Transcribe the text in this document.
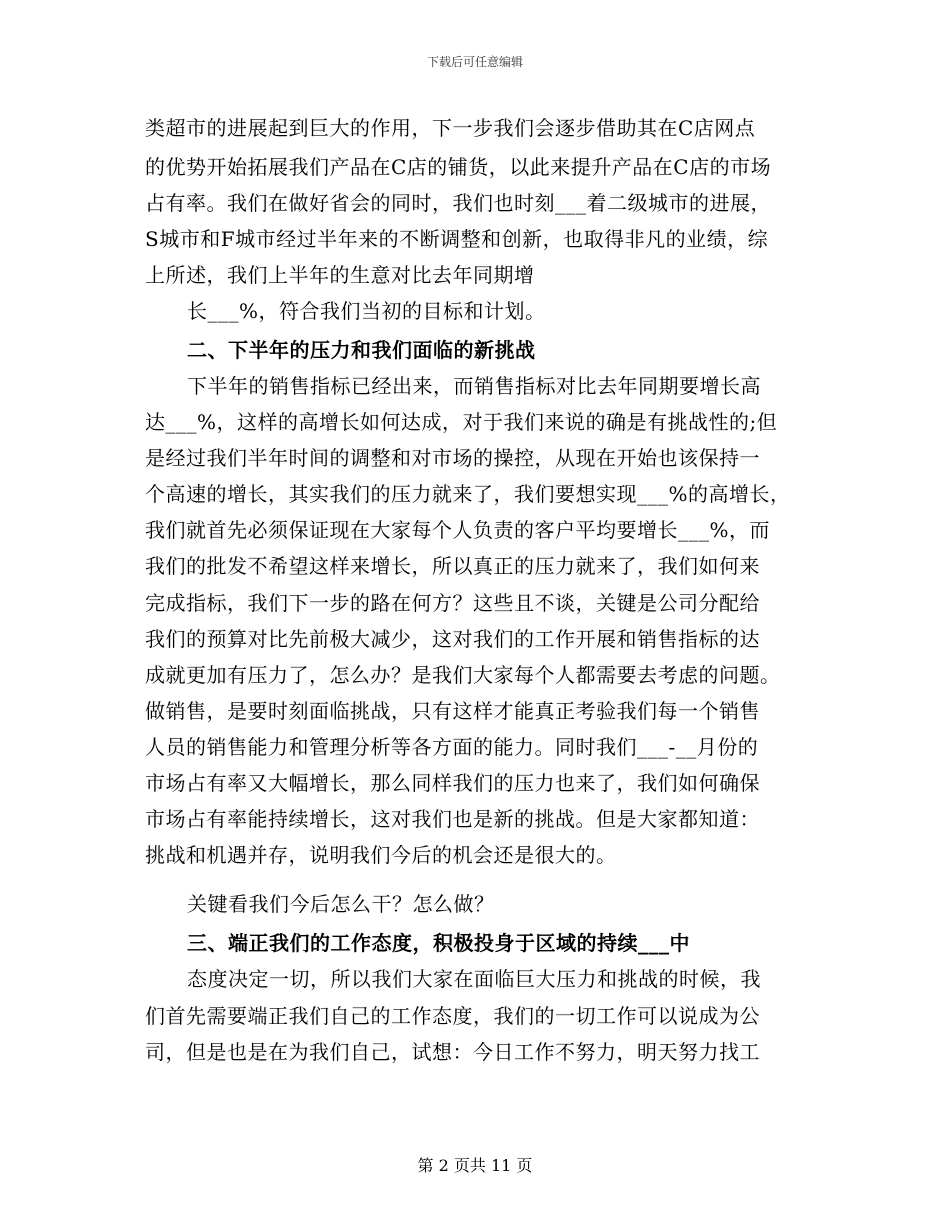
下载后可任意编辑
类超市的进展起到巨大的作用，下一步我们会逐步借助其在C店网点
的优势开始拓展我们产品在C店的铺货，以此来提升产品在C店的市场
占有率。我们在做好省会的同时，我们也时刻___着二级城市的进展，
S城市和F城市经过半年来的不断调整和创新，也取得非凡的业绩，综
上所述，我们上半年的生意对比去年同期增
长___%，符合我们当初的目标和计划。
二、下半年的压力和我们面临的新挑战
下半年的销售指标已经出来，而销售指标对比去年同期要增长高
达___%，这样的高增长如何达成，对于我们来说的确是有挑战性的;但
是经过我们半年时间的调整和对市场的操控，从现在开始也该保持一
个高速的增长，其实我们的压力就来了，我们要想实现___%的高增长，
我们就首先必须保证现在大家每个人负责的客户平均要增长___%，而
我们的批发不希望这样来增长，所以真正的压力就来了，我们如何来
完成指标，我们下一步的路在何方？这些且不谈，关键是公司分配给
我们的预算对比先前极大减少，这对我们的工作开展和销售指标的达
成就更加有压力了，怎么办？是我们大家每个人都需要去考虑的问题。
做销售，是要时刻面临挑战，只有这样才能真正考验我们每一个销售
人员的销售能力和管理分析等各方面的能力。同时我们___-__月份的
市场占有率又大幅增长，那么同样我们的压力也来了，我们如何确保
市场占有率能持续增长，这对我们也是新的挑战。但是大家都知道：
挑战和机遇并存，说明我们今后的机会还是很大的。
关键看我们今后怎么干？怎么做？
三、端正我们的工作态度，积极投身于区域的持续___中
态度决定一切，所以我们大家在面临巨大压力和挑战的时候，我
们首先需要端正我们自己的工作态度，我们的一切工作可以说成为公
司，但是也是在为我们自己，试想：今日工作不努力，明天努力找工
第 2 页共 11 页
